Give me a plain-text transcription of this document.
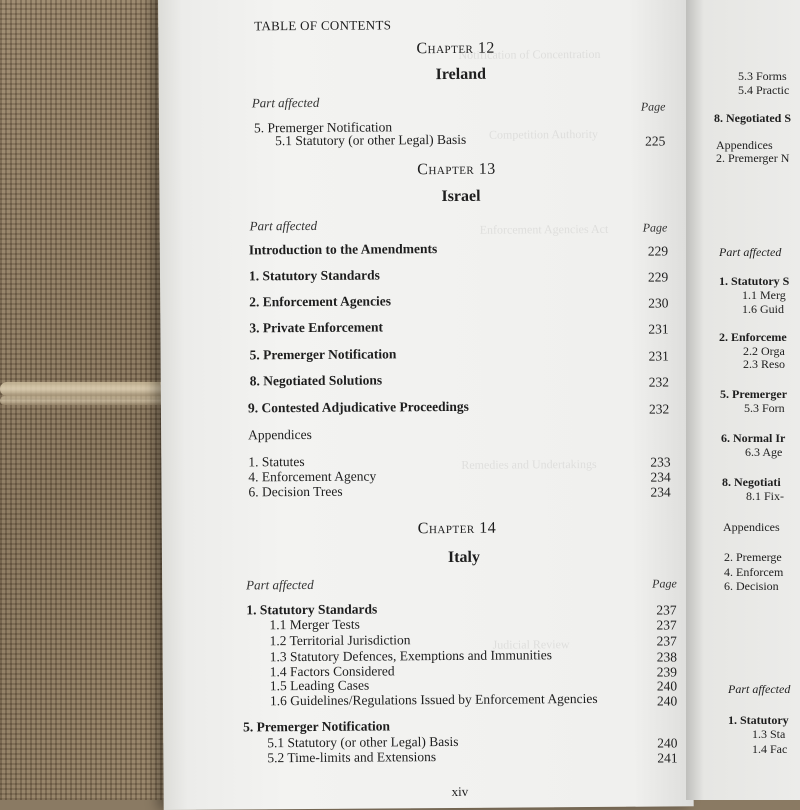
Notification of Concentration
Competition Authority
Enforcement Agencies Act
Remedies and Undertakings
Judicial Review
TABLE OF CONTENTS
Chapter 12
Ireland
Part affected	Page
5. Premerger Notification
5.1 Statutory (or other Legal) Basis	225
Chapter 13
Israel
Part affected	Page
Introduction to the Amendments	229
1. Statutory Standards	229
2. Enforcement Agencies	230
3. Private Enforcement	231
5. Premerger Notification	231
8. Negotiated Solutions	232
9. Contested Adjudicative Proceedings	232
Appendices
1. Statutes	233
4. Enforcement Agency	234
6. Decision Trees	234
Chapter 14
Italy
Part affected	Page
1. Statutory Standards	237
1.1 Merger Tests	237
1.2 Territorial Jurisdiction	237
1.3 Statutory Defences, Exemptions and Immunities	238
1.4 Factors Considered	239
1.5 Leading Cases	240
1.6 Guidelines/Regulations Issued by Enforcement Agencies	240
5. Premerger Notification
5.1 Statutory (or other Legal) Basis	240
5.2 Time-limits and Extensions	241
xiv
5.3 Forms
5.4 Practic
8. Negotiated S
Appendices
2. Premerger N
Part affected
1. Statutory S
1.1 Merg
1.6 Guid
2. Enforceme
2.2 Orga
2.3 Reso
5. Premerger
5.3 Forn
6. Normal Ir
6.3 Age
8. Negotiati
8.1 Fix-
Appendices
2. Premerge
4. Enforcem
6. Decision
Part affected
1. Statutory
1.3 Sta
1.4 Fac
